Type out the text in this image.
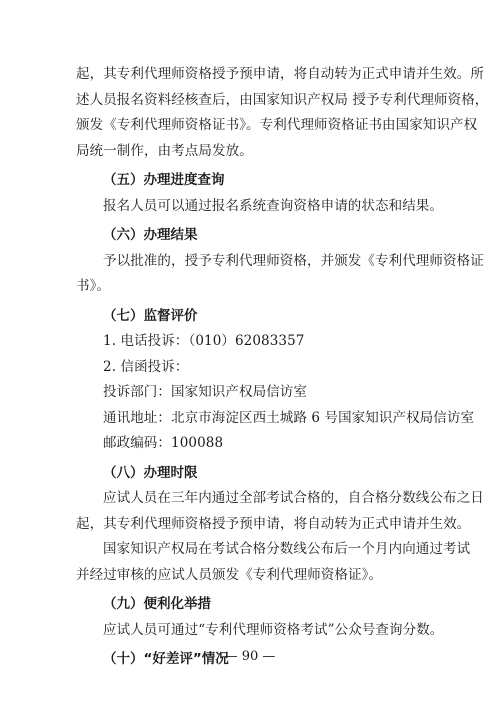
起，其专利代理师资格授予预申请，将自动转为正式申请并生效。所
述人员报名资料经核查后，由国家知识产权局 授予专利代理师资格，
颁发《专利代理师资格证书》。专利代理师资格证书由国家知识产权
局统一制作，由考点局发放。
（五）办理进度查询
报名人员可以通过报名系统查询资格申请的状态和结果。
（六）办理结果
予以批准的，授予专利代理师资格，并颁发《专利代理师资格证
书》。
（七）监督评价
1. 电话投诉：（010）62083357
2. 信函投诉：
投诉部门：国家知识产权局信访室
通讯地址：北京市海淀区西土城路 6 号国家知识产权局信访室
邮政编码：100088
（八）办理时限
应试人员在三年内通过全部考试合格的，自合格分数线公布之日
起，其专利代理师资格授予预申请，将自动转为正式申请并生效。
国家知识产权局在考试合格分数线公布后一个月内向通过考试
并经过审核的应试人员颁发《专利代理师资格证》。
（九）便利化举措
应试人员可通过“专利代理师资格考试”公众号查询分数。
（十）“好差评”情况
— 90 —
